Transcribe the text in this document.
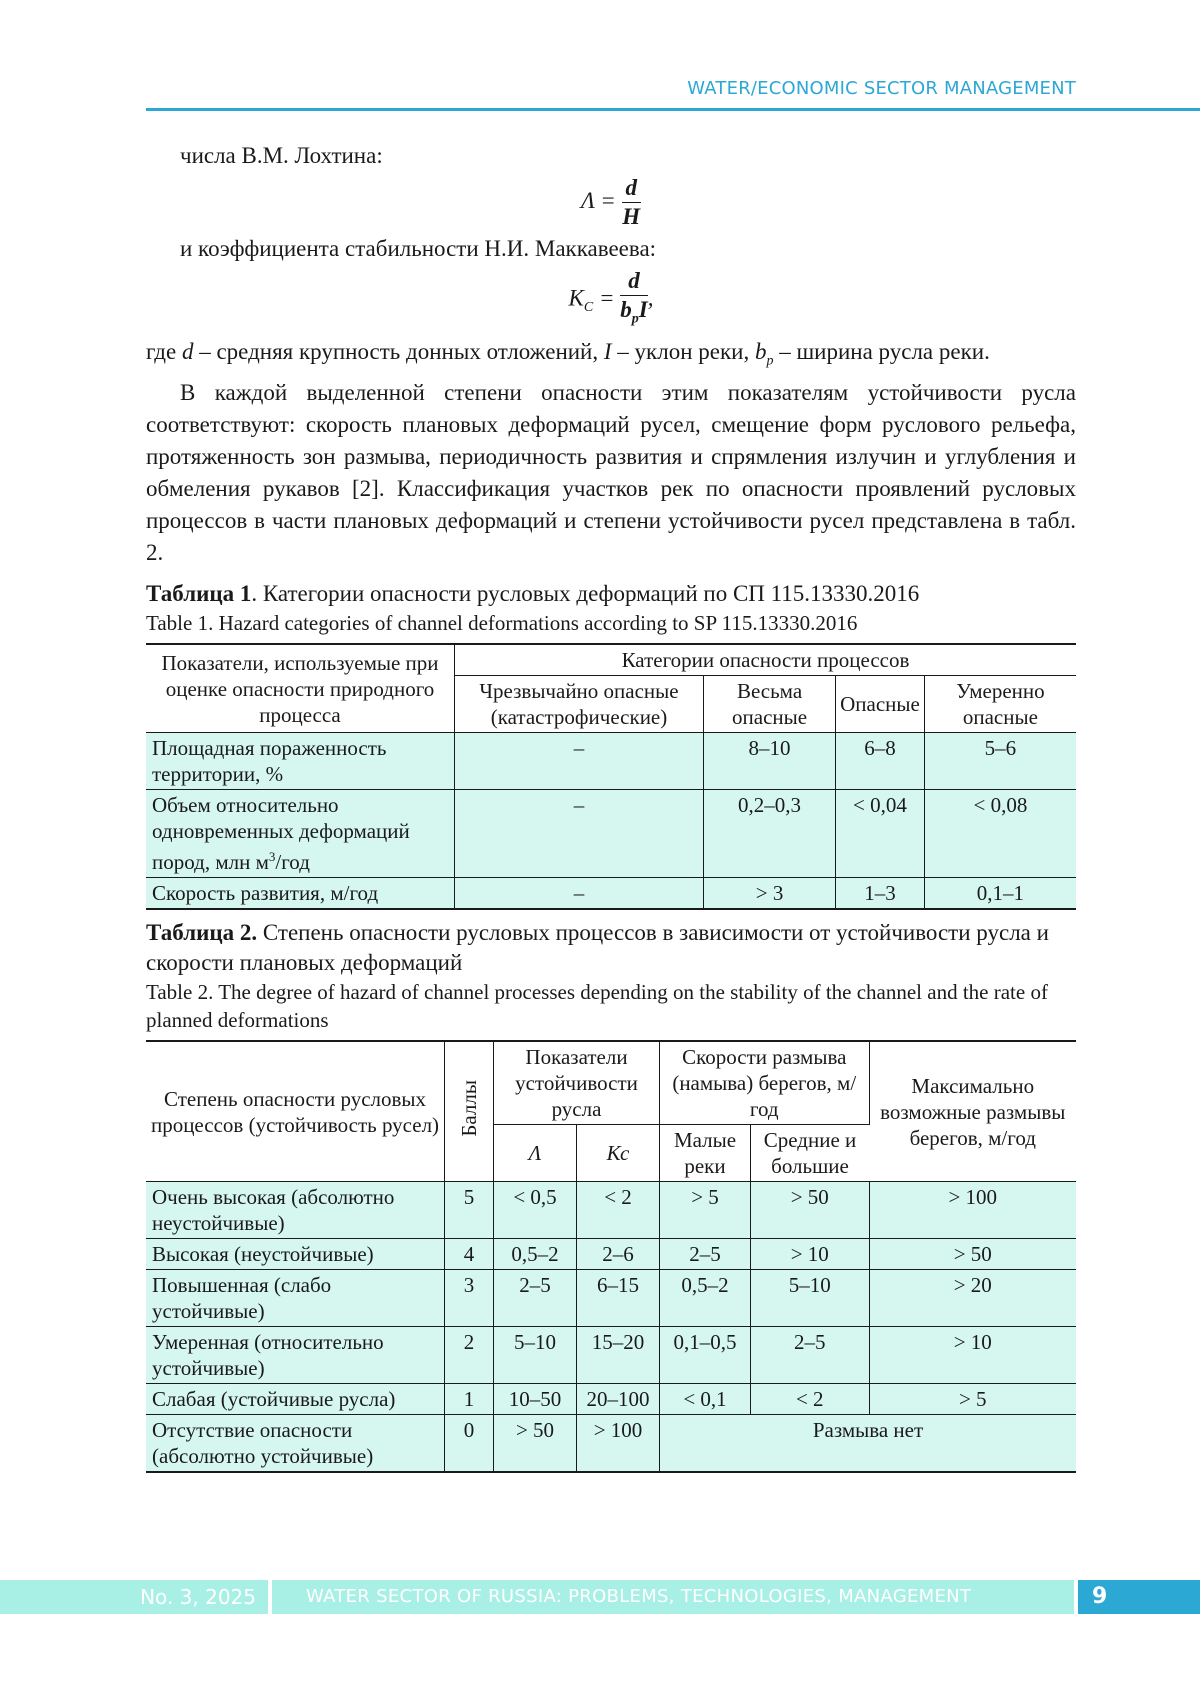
WATER/ECONOMIC SECTOR MANAGEMENT

числа В.М. Лохтина:

$\Lambda = \frac{d}{H}$

и коэффициента стабильности Н.И. Маккавеева:

$K_C = \frac{d}{b_pI}$ ,

где d – средняя крупность донных отложений, I – уклон реки, $b_p$ – ширина русла реки.

В каждой выделенной степени опасности этим показателям устойчивости русла соответствуют: скорость плановых деформаций русел, смещение форм руслового рельефа, протяженность зон размыва, периодичность развития и спрямления излучин и углубления и обмеления рукавов [2]. Классификация участков рек по опасности проявлений русловых процессов в части плановых деформаций и степени устойчивости русел представлена в табл. 2.

Таблица 1. Категории опасности русловых деформаций по СП 115.13330.2016
Table 1. Hazard categories of channel deformations according to SP 115.13330.2016
Показатели, используемые при оценке опасности природного процесса	Категории опасности процессов			
	Чрезвычайно опасные (катастрофические)	Весьма опасные	Опасные	Умеренно опасные
Площадная пораженность территории, %	–	8–10	6–8	5–6
Объем относительно одновременных деформаций пород, млн $м^3$/год	–	0,2–0,3	< 0,04	< 0,08
Скорость развития, м/год	–	> 3	1–3	0,1–1
Таблица 2. Степень опасности русловых процессов в зависимости от устойчивости русла и скорости плановых деформаций
Table 2. The degree of hazard of channel processes depending on the stability of the channel and the rate of planned deformations
Степень опасности русловых процессов (устойчивость русел)	Баллы	Показатели устойчивости русла		Скорости размыва (намыва) берегов, м/год		Максимально возможные размывы берегов, м/год
		Λ	Кс	Малые реки	Средние и большие	
Очень высокая (абсолютно неустойчивые)	5	< 0,5	< 2	> 5	> 50	> 100
Высокая (неустойчивые)	4	0,5–2	2–6	2–5	> 10	> 50
Повышенная (слабо устойчивые)	3	2–5	6–15	0,5–2	5–10	> 20
Умеренная (относительно устойчивые)	2	5–10	15–20	0,1–0,5	2–5	> 10
Слабая (устойчивые русла)	1	10–50	20–100	< 0,1	< 2	> 5
Отсутствие опасности (абсолютно устойчивые)	0	> 50	> 100	Размыва нет		
No. 3, 2025	WATER SECTOR OF RUSSIA: PROBLEMS, TECHNOLOGIES, MANAGEMENT	9
